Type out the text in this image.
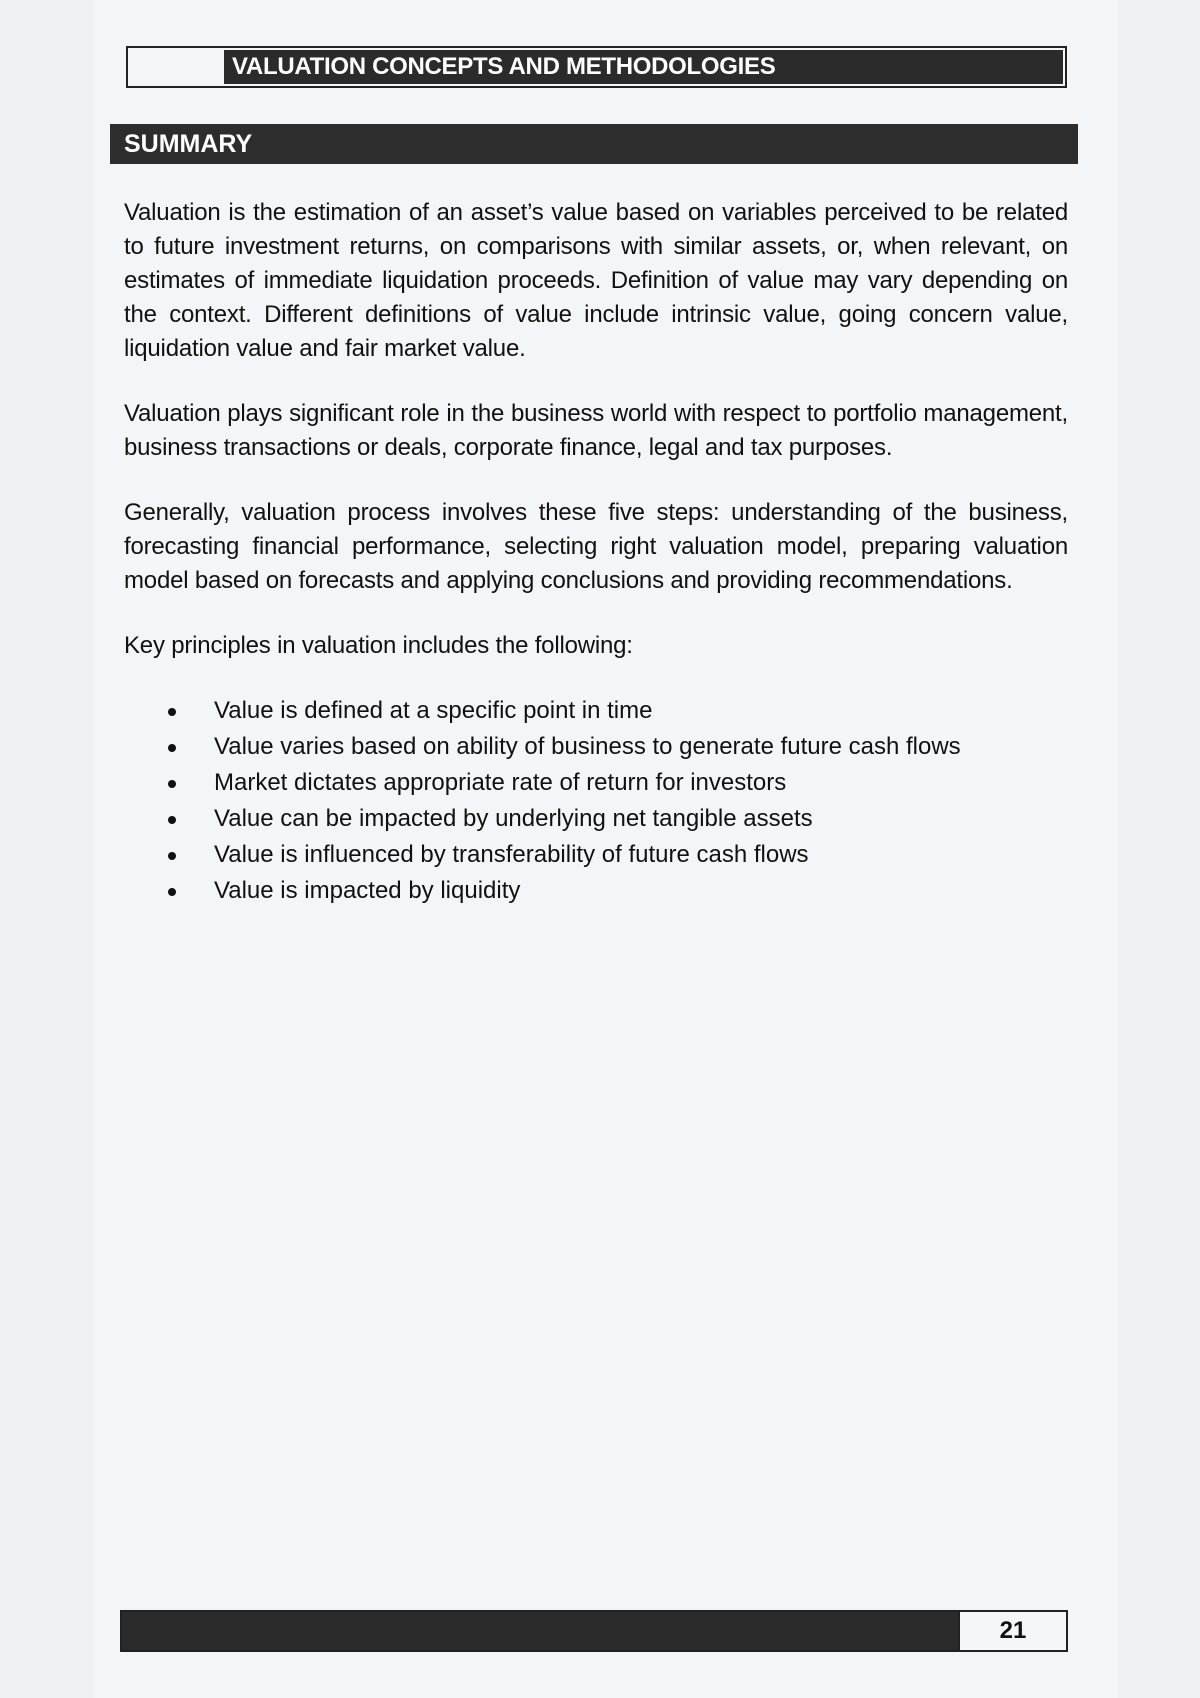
VALUATION CONCEPTS AND METHODOLOGIES
SUMMARY

Valuation is the estimation of an asset’s value based on variables perceived to be related to future investment returns, on comparisons with similar assets, or, when relevant, on estimates of immediate liquidation proceeds. Definition of value may vary depending on the context. Different definitions of value include intrinsic value, going concern value, liquidation value and fair market value.

Valuation plays significant role in the business world with respect to portfolio management, business transactions or deals, corporate finance, legal and tax purposes.

Generally, valuation process involves these five steps: understanding of the business, forecasting financial performance, selecting right valuation model, preparing valuation model based on forecasts and applying conclusions and providing recommendations.

Key principles in valuation includes the following:

Value is defined at a specific point in time
Value varies based on ability of business to generate future cash flows
Market dictates appropriate rate of return for investors
Value can be impacted by underlying net tangible assets
Value is influenced by transferability of future cash flows
Value is impacted by liquidity
21
